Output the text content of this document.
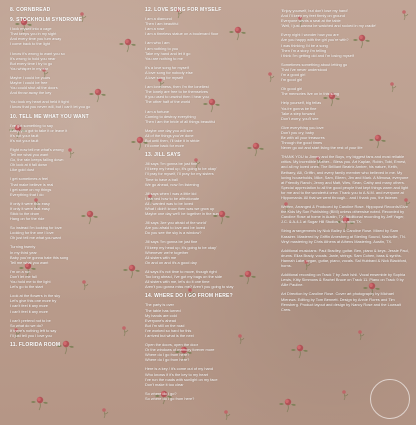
8. CORNBREAD
9. STOCKHOLM SYNDROME
I lock myself into a cage
That keeps you in my sight
And every time you turn away
I come back to the light
I know it's wrong to want you so
It's wrong to hold you near
But every time I try to go
You whisper in my ear
Maybe I could be yours
Maybe I could be free
You could shut all the doors
And throw away the key
You took my heart and held it tight
I know that you never will, but I can't let you go
10. TELL ME WHAT YOU WANT
I've got something to say
Baby, you got to take it or leave it
It's not your fault
It's not your fault
Right now tell me what's wrong
Tell me what you want
Go, the rain keeps falling down
Oh look at it fall down
Like gold dust
I get sometimes a feel
That make believe is real
I get some on my things
Everything that I do
If only it were that easy
If only it were that easy
Stick to the drum
Hang on for the ride
So instead I'm looking for love
Looking for the one I love
Oh just tell me what you want
Turning twenty
In my third year
Baby you've gonna hate this song
Tell me what you want
I'm on a run
Don't let me fall
You hold me to the light
Let's go to the start
Look at the flowers in the sky
Let's give this one more try
I can't feel it any more
I can't feel it any more
I can't pretend not to be
So what do we do?
If there's nothing left to say
I'll just tell you I love you
11. FLORIDA ROOM
12. LOVE SONG FOR MYSELF
I am a diamond
Then I am beautiful
I am a rose
I am a timeless statue on a boulevard floor
I am who I am
I am nothing to you
Take my hand and let it go
You are nothing to me
It's a love song for myself
A love song for nobody else
A love song for myself
I am loneliness, then I'm the loneliest
The lonely are free to be themselves
If you used to unwind then I hear you
The other half of the world
I am a fortune
Coming to destroy everything
Then I am the bride of all things beautiful
Maybe one day you will see
All of the things you've done
But until then, I'll take it in stride
I'll come back for more
13. JILL SAYS
Jill says 'I'm gonna be just fine
I'll keep my head up, it's going to be okay'
I'll pray for myself, I'll pray for my sisters
Time to have a ball
We go ahead, now I'm listening
Jill says when I was a little kid
I learned how to be affectionate
All I wanted was to be loved
What I didn't know then was we grow up
Maybe one day we'll be together in the sun
Jill says 'Are you afraid of the world'
Are you afraid to love and be loved
Do you see the sky is a window?
Jill says 'I'm gonna be just fine
I'll keep my head up, it's going to be okay'
Whenever we're together
All sisters with me
On and on and it's a good day
All says it's not time to move, though right
Too long ahead, I've got my bags on the side
All sisters with me, let's do it one time
Aren't you gonna miss me? Aren't you going to stay
14. WHERE DO I GO FROM HERE?
The party is over
The table has turned
My hands are cold
Everyone's ahead
But I'm still on the road
I've worked so hard for this
I arrived but what is the next
Open the doors, open the door
Or the windows of memory forever more
Where do I go from here?
Where do I go from here?
Here is a key / it's come out of my hand
Who knows if it's the key to my heart
I've run the roads with sunlight on my face
Don't make it too clear
So where do I go?
So where do I go from here?
'Enjoy yourself, but don't lose my hand'
And I'll keep my feet firmly on ground
Everyone wants a seat at the table
'Well, I just wanna be watched and rocked in my cradle'
Every night I wonder how you are
Are you happy with the girl you're with?
I was thinking I'd be a song
Then I'm a story I'm telling
I think I'm getting old and I'm losing myself
Sometimes something about letting go
That I've never understood
I'm a good girl
I'm good girl
Oh good girl
The memories live on in this song
Help yourself, big fellas
You're gonna be fine
Take a step forward
Don't worry, you'll see
Give everything you love
Don't you cry, baby
Be with all your treasures
Through the good times
Never go out and start living the rest of your life
THANK YOU to Jimmy and the Boys, my biggest fans and most reliable critics. My incredible Mother... Bless you. Art Kaplan, Robin, Tobi, Ernest, and all my loved ones. The Brilliant Beatrix Amber, his nature, Keith, Bethany, Alli, Griffin, and every family member who believed in me. My loving households, Mike, Sam, Eileen, Jim and Mark. A Mimosa, everyone at Friendly Ranch, Jenny and Matt, Wes, Sean, Cathy and many others. Special appreciation to all the good people that kept things warm and light for me and to the wonderful crew. Thank you to A.N.M. and everyone at Hippomania. All that we went through... and I thank you, the listener.
Written, Arranged & Produced by Caroline Rose. Hippopost Records/Give the Kids My Son Publishing (BMI) unless otherwise noted. Recorded by Caroline Rose at home in Austin, TX. Additional recording by Jeff Yager, J.C. & A-4-1 at Sugar Hill Studios, Houston TX.
String arrangements by Nick Bailey & Caroline Rose. Mixed by Sam Kassirer. Mastered by Griffin Amesberg at Sterling Sound, Nashville, TN. Vinyl mastering by Chris Athens at Athens Mastering, Austin, TX.
Additional musicians: Paul Bradley, guitar. Ben, piano & keys. Jessie Paul, drums. Eliza Brady, vocals. Janie, strings. Sam Cohen, bass & synths. Hannah Lake, organ, guitar, piano, vocals. Sal Hubbard & Nick Blackford, horns.
Additional recording on Track 7 by Josh Ishii. Vocal ensemble by Sophia Lewis, Kitty Simmons & Rachel Bruce on Track 11. Piano on Track 9 by Allie Pauline.
Art Direction by Caroline Rose. Cover art photography by Michael Mierzwa. Editing by Tom Bennett. Design by Annie Flores and Tim Rensberg. Product layout and design by Nancy Rose and the Lowsalt Crew.
